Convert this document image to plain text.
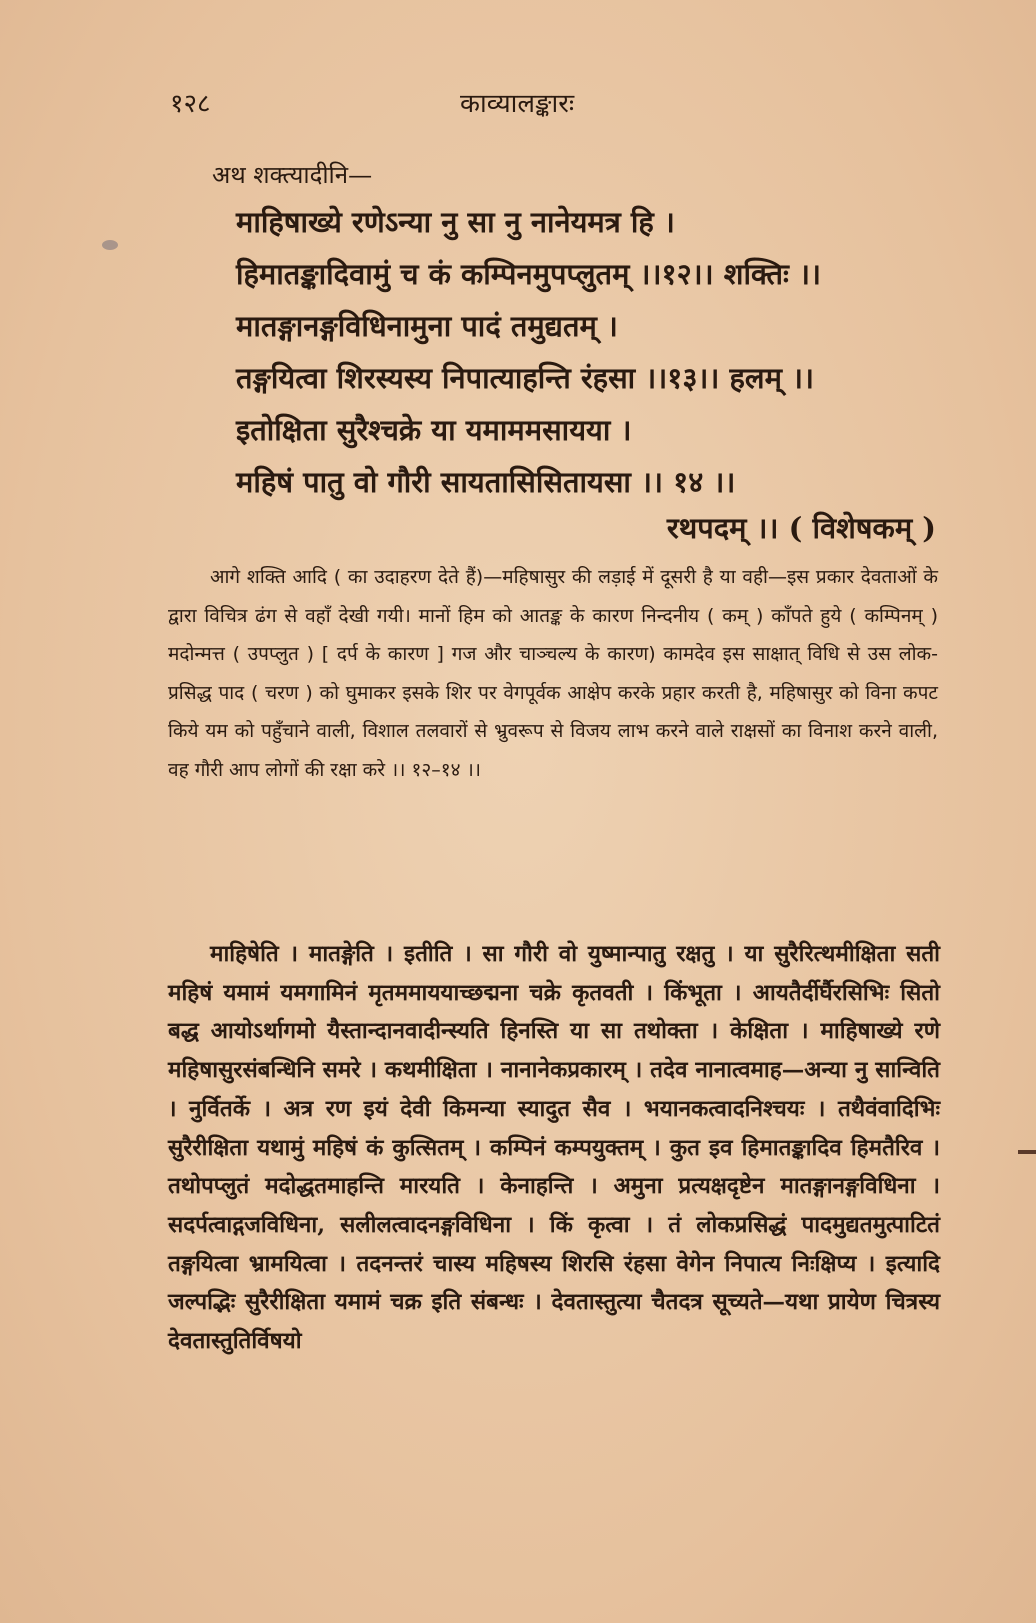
१२८	काव्यालङ्कारः
अथ शक्त्यादीनि—
माहिषाख्ये रणेऽन्या नु सा नु नानेयमत्र हि ।
हिमातङ्कादिवामुं च कं कम्पिनमुपप्लुतम् ।।१२।। शक्तिः ।।
मातङ्गानङ्गविधिनामुना पादं तमुद्यतम् ।
तङ्गयित्वा शिरस्यस्य निपात्याहन्ति रंहसा ।।१३।। हलम् ।।
इतोक्षिता सुरैश्चक्रे या यमाममसायया ।
महिषं पातु वो गौरी सायतासिसितायसा ।। १४ ।।
रथपदम् ।। ( विशेषकम् )
आगे शक्ति आदि ( का उदाहरण देते हैं)—महिषासुर की लड़ाई में दूसरी है या वही—इस प्रकार देवताओं के द्वारा विचित्र ढंग से वहाँ देखी गयी। मानों हिम को आतङ्क के कारण निन्दनीय ( कम् ) काँपते हुये ( कम्पिनम् ) मदोन्मत्त ( उपप्लुत ) [ दर्प के कारण ] गज और चाञ्चल्य के कारण) कामदेव इस साक्षात् विधि से उस लोक-प्रसिद्ध पाद ( चरण ) को घुमाकर इसके शिर पर वेगपूर्वक आक्षेप करके प्रहार करती है, महिषासुर को विना कपट किये यम को पहुँचाने वाली, विशाल तलवारों से भ्रुवरूप से विजय लाभ करने वाले राक्षसों का विनाश करने वाली, वह गौरी आप लोगों की रक्षा करे ।। १२–१४ ।।
माहिषेति । मातङ्गेति । इतीति । सा गौरी वो युष्मान्पातु रक्षतु । या सुरैरित्थमीक्षिता सती महिषं यमामं यमगामिनं मृतममाययाच्छद्मना चक्रे कृतवती । किंभूता । आयतैर्दीर्घैरसिभिः सितो बद्ध आयोऽर्थागमो यैस्तान्दानवादीन्स्यति हिनस्ति या सा तथोक्ता । केक्षिता । माहिषाख्ये रणे महिषासुरसंबन्धिनि समरे । कथमीक्षिता । नानानेकप्रकारम् । तदेव नानात्वमाह—अन्या नु सान्विति । नुर्वितर्के । अत्र रण इयं देवी किमन्या स्यादुत सैव । भयानकत्वादनिश्चयः । तथैवंवादिभिः सुरैरीक्षिता यथामुं महिषं कं कुत्सितम् । कम्पिनं कम्पयुक्तम् । कुत इव हिमातङ्कादिव हिमतैरिव । तथोपप्लुतं मदोद्धतमाहन्ति मारयति । केनाहन्ति । अमुना प्रत्यक्षदृष्टेन मातङ्गानङ्गविधिना । सदर्पत्वाद्गजविधिना, सलीलत्वादनङ्गविधिना । किं कृत्वा । तं लोकप्रसिद्धं पादमुद्यतमुत्पाटितं तङ्गयित्वा भ्रामयित्वा । तदनन्तरं चास्य महिषस्य शिरसि रंहसा वेगेन निपात्य निःक्षिप्य । इत्यादि जल्पद्भिः सुरैरीक्षिता यमामं चक्र इति संबन्धः । देवतास्तुत्या चैतदत्र सूच्यते—यथा प्रायेण चित्रस्य देवतास्तुतिर्विषयो
